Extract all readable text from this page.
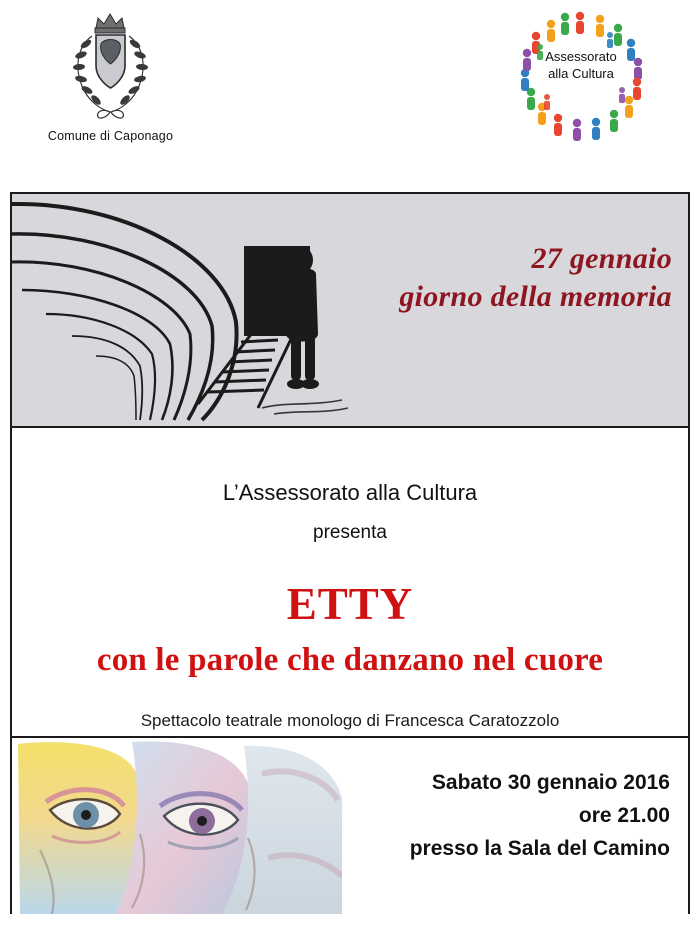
Comune di Caponago
Assessorato
alla Cultura
27 gennaio
giorno della memoria
L’Assessorato alla Cultura
presenta
ETTY
con le parole che danzano nel cuore
Spettacolo teatrale monologo di Francesca Caratozzolo
Sabato 30 gennaio 2016
ore 21.00
presso la Sala del Camino
